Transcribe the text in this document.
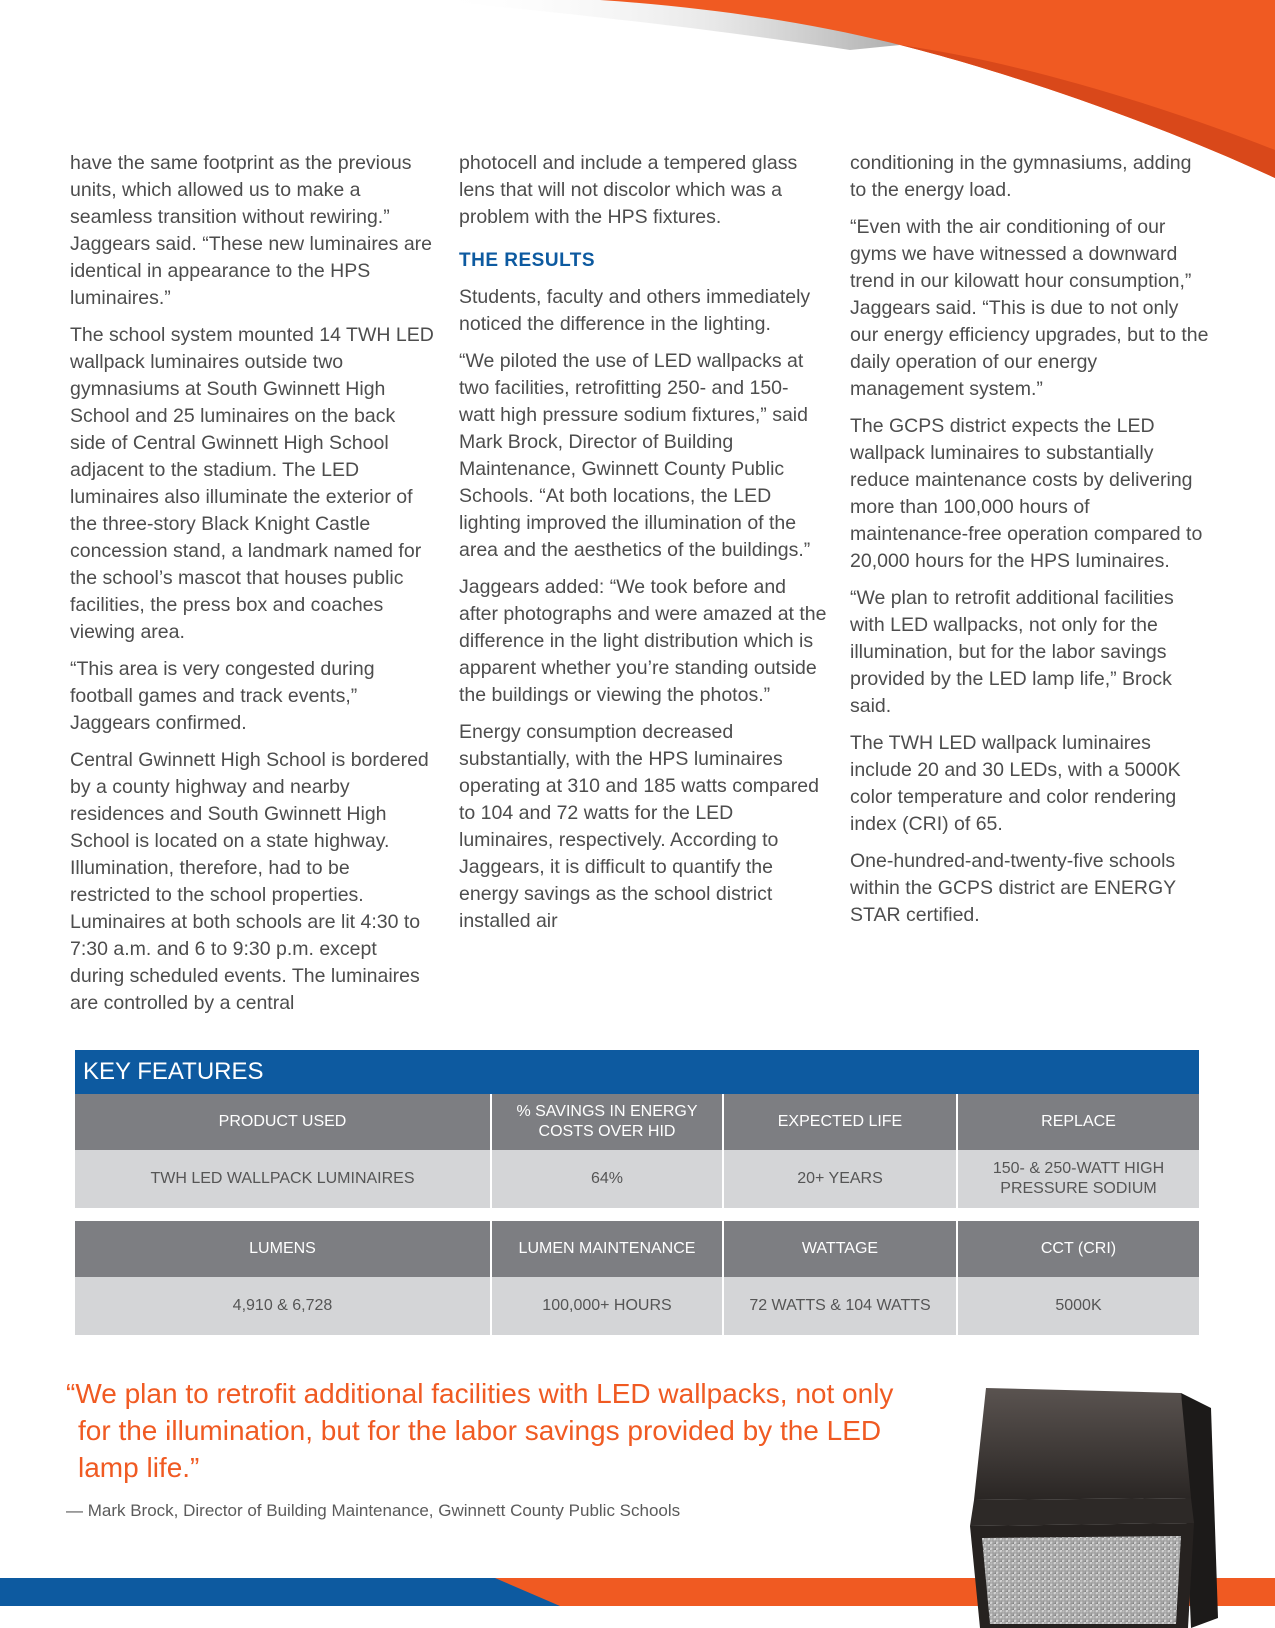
have the same footprint as the previous units, which allowed us to make a seamless transition without rewiring.” Jaggears said. “These new luminaires are identical in appearance to the HPS luminaires.”

The school system mounted 14 TWH LED wallpack luminaires outside two gymnasiums at South Gwinnett High School and 25 luminaires on the back side of Central Gwinnett High School adjacent to the stadium. The LED luminaires also illuminate the exterior of the three-story Black Knight Castle concession stand, a landmark named for the school’s mascot that houses public facilities, the press box and coaches viewing area.

“This area is very congested during football games and track events,” Jaggears confirmed.

Central Gwinnett High School is bordered by a county highway and nearby residences and South Gwinnett High School is located on a state highway. Illumination, therefore, had to be restricted to the school properties. Luminaires at both schools are lit 4:30 to 7:30 a.m. and 6 to 9:30 p.m. except during scheduled events. The luminaires are controlled by a central

photocell and include a tempered glass lens that will not discolor which was a problem with the HPS fixtures.

THE RESULTS

Students, faculty and others immediately noticed the difference in the lighting.

“We piloted the use of LED wallpacks at two facilities, retrofitting 250- and 150- watt high pressure sodium fixtures,” said Mark Brock, Director of Building Maintenance, Gwinnett County Public Schools. “At both locations, the LED lighting improved the illumination of the area and the aesthetics of the buildings.”

Jaggears added: “We took before and after photographs and were amazed at the difference in the light distribution which is apparent whether you’re standing outside the buildings or viewing the photos.”

Energy consumption decreased substantially, with the HPS luminaires operating at 310 and 185 watts compared to 104 and 72 watts for the LED luminaires, respectively. According to Jaggears, it is difficult to quantify the energy savings as the school district installed air

conditioning in the gymnasiums, adding to the energy load.

“Even with the air conditioning of our gyms we have witnessed a downward trend in our kilowatt hour consumption,” Jaggears said. “This is due to not only our energy efficiency upgrades, but to the daily operation of our energy management system.”

The GCPS district expects the LED wallpack luminaires to substantially reduce maintenance costs by delivering more than 100,000 hours of maintenance-free operation compared to 20,000 hours for the HPS luminaires.

“We plan to retrofit additional facilities with LED wallpacks, not only for the illumination, but for the labor savings provided by the LED lamp life,” Brock said.

The TWH LED wallpack luminaires include 20 and 30 LEDs, with a 5000K color temperature and color rendering index (CRI) of 65.

One-hundred-and-twenty-five schools within the GCPS district are ENERGY STAR certified.

KEY FEATURES
PRODUCT USED	% SAVINGS IN ENERGY COSTS OVER HID	EXPECTED LIFE	REPLACE
TWH LED WALLPACK LUMINAIRES	64%	20+ YEARS	150- & 250-WATT HIGH PRESSURE SODIUM
LUMENS	LUMEN MAINTENANCE	WATTAGE	CCT (CRI)
4,910 & 6,728	100,000+ HOURS	72 WATTS & 104 WATTS	5000K
“We plan to retrofit additional facilities with LED wallpacks, not only for the illumination, but for the labor savings provided by the LED lamp life.”
— Mark Brock, Director of Building Maintenance, Gwinnett County Public Schools
